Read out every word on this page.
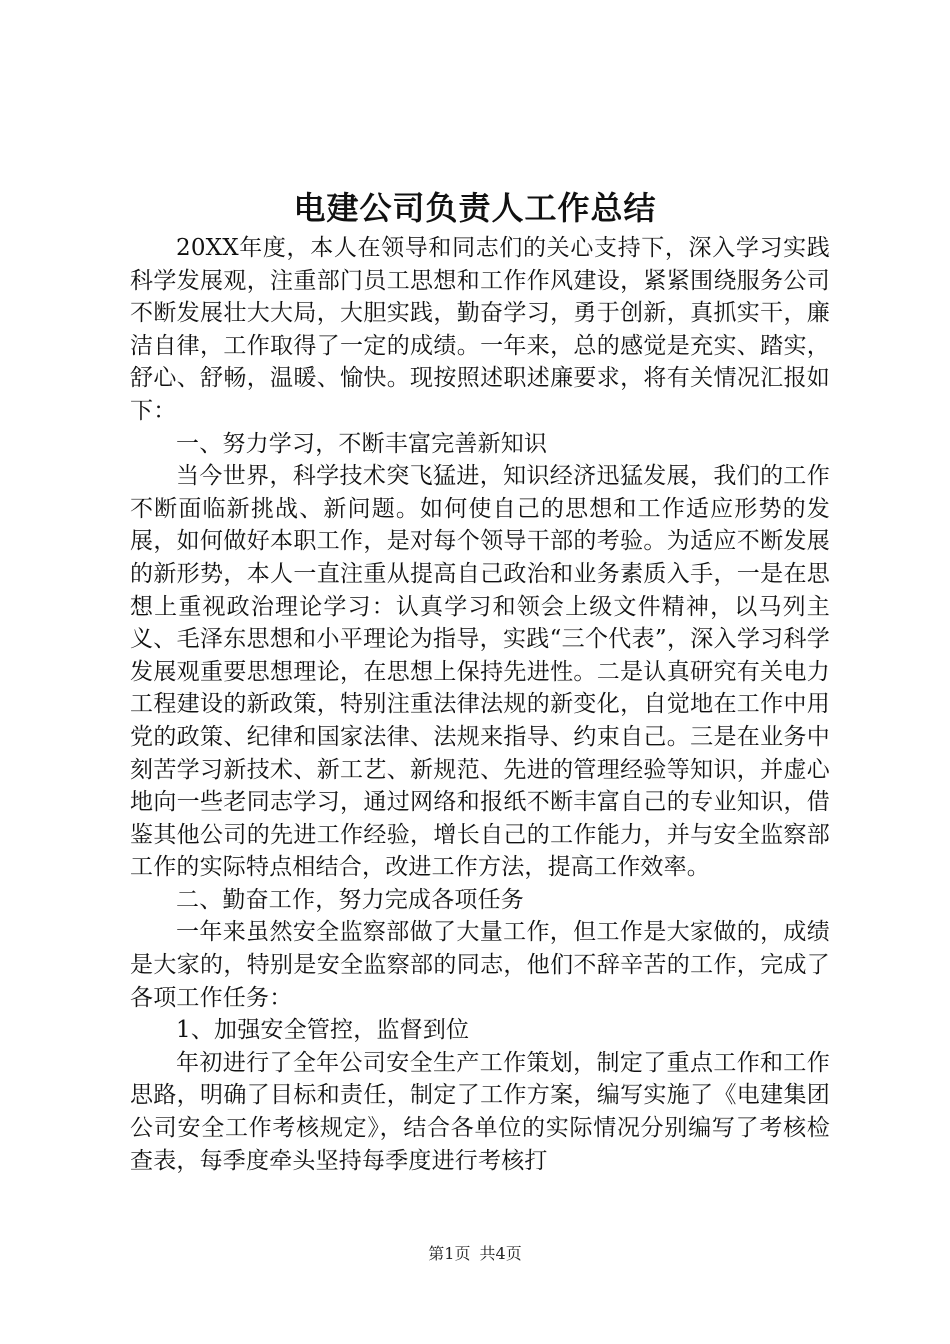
电建公司负责人工作总结

20XX年度，本人在领导和同志们的关心支持下，深入学习实践科学发展观，注重部门员工思想和工作作风建设，紧紧围绕服务公司不断发展壮大大局，大胆实践，勤奋学习，勇于创新，真抓实干，廉洁自律，工作取得了一定的成绩。一年来，总的感觉是充实、踏实，舒心、舒畅，温暖、愉快。现按照述职述廉要求，将有关情况汇报如下：

一、努力学习，不断丰富完善新知识

当今世界，科学技术突飞猛进，知识经济迅猛发展，我们的工作不断面临新挑战、新问题。如何使自己的思想和工作适应形势的发展，如何做好本职工作，是对每个领导干部的考验。为适应不断发展的新形势，本人一直注重从提高自己政治和业务素质入手，一是在思想上重视政治理论学习：认真学习和领会上级文件精神，以马列主义、毛泽东思想和小平理论为指导，实践“三个代表”，深入学习科学发展观重要思想理论，在思想上保持先进性。二是认真研究有关电力工程建设的新政策，特别注重法律法规的新变化，自觉地在工作中用党的政策、纪律和国家法律、法规来指导、约束自己。三是在业务中刻苦学习新技术、新工艺、新规范、先进的管理经验等知识，并虚心地向一些老同志学习，通过网络和报纸不断丰富自己的专业知识，借鉴其他公司的先进工作经验，增长自己的工作能力，并与安全监察部工作的实际特点相结合，改进工作方法，提高工作效率。

二、勤奋工作，努力完成各项任务

一年来虽然安全监察部做了大量工作，但工作是大家做的，成绩是大家的，特别是安全监察部的同志，他们不辞辛苦的工作，完成了各项工作任务：

1、加强安全管控，监督到位

年初进行了全年公司安全生产工作策划，制定了重点工作和工作思路，明确了目标和责任，制定了工作方案，编写实施了《电建集团公司安全工作考核规定》，结合各单位的实际情况分别编写了考核检查表，每季度牵头坚持每季度进行考核打

第1页 共4页
